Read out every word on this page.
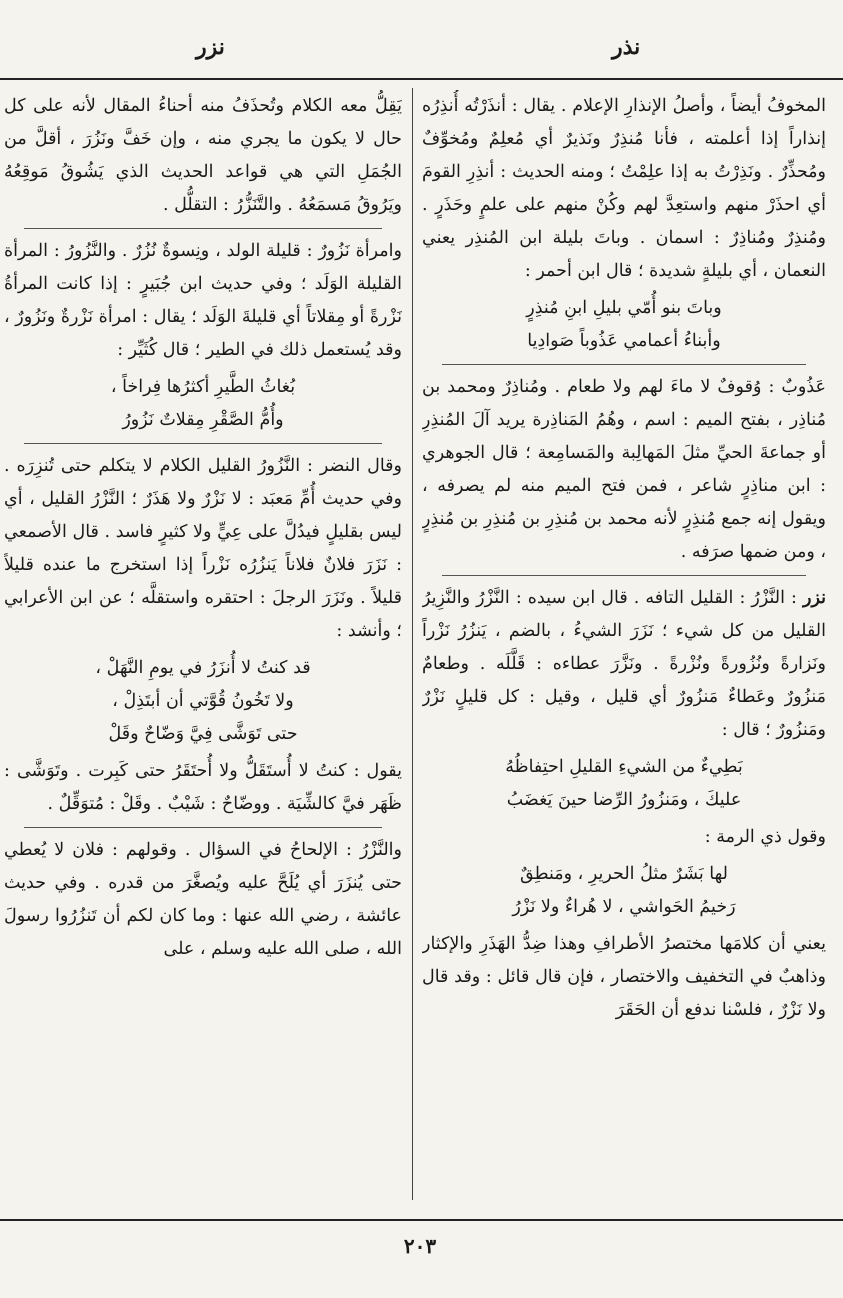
نزر	نذر

المخوفُ أيضاً ، وأصلُ الإنذارِ الإعلام . يقال : أنذَرْتُه أُنذِرُه إنذاراً إذا أعلمته ، فأنا مُنذِرٌ ونَذيرٌ أي مُعلِمٌ ومُخوِّفٌ ومُحذِّرٌ . ونَذِرْتُ به إذا علِمْتُ ؛ ومنه الحديث : أنذِرِ القومَ أي احذَرْ منهم واستعِدَّ لهم وكُنْ منهم على علمٍ وحَذَرٍ . ومُنذِرٌ ومُناذِرٌ : اسمان . وباتَ بليلة ابن المُنذِر يعني النعمان ، أي بليلةٍ شديدة ؛ قال ابن أحمر :

وباتَ بنو أُمّي بليلِ ابنِ مُنذِرٍ
وأبناءُ أعمامي عَذُوباً صَوادِيا

عَذُوبٌ : وُقوفٌ لا ماءَ لهم ولا طعام . ومُناذِرٌ ومحمد بن مُناذِر ، بفتح الميم : اسم ، وهُمُ المَناذِرة يريد آلَ المُنذِرِ أو جماعةَ الحيِّ مثلَ المَهالِبة والمَسامِعة ؛ قال الجوهري : ابن مناذِرٍ شاعر ، فمن فتح الميم منه لم يصرفه ، ويقول إنه جمع مُنذِرٍ لأنه محمد بن مُنذِرِ بن مُنذِرِ بن مُنذِرٍ ، ومن ضمها صرَفه .

نزر : النَّزْرُ : القليل التافه . قال ابن سيده : النَّزْرُ والنَّزِيرُ القليل من كل شيء ؛ نَزَرَ الشيءُ ، بالضم ، يَنزُرُ نَزْراً ونَزارةً ونُزُورةً ونُزْرةً . ونَزَّرَ عطاءه : قَلَّلَه . وطعامٌ مَنزُورٌ وعَطاءٌ مَنزُورٌ أي قليل ، وقيل : كل قليلٍ نَزْرٌ ومَنزُورٌ ؛ قال :

بَطِيءٌ من الشيءِ القليلِ احتِفاظُهُ
عليكَ ، ومَنزُورُ الرِّضا حينَ يَغضَبُ

وقول ذي الرمة :

لها بَشَرٌ مثلُ الحريرِ ، ومَنطِقٌ
رَخيمُ الحَواشي ، لا هُراءٌ ولا نَزْرُ

يعني أن كلامَها مختصرُ الأطرافِ وهذا ضِدُّ الهَذَرِ والإكثار وذاهبٌ في التخفيف والاختصار ، فإن قال قائل : وقد قال ولا نَزْرٌ ، فلسْنا ندفع أن الحَقَرَ

يَقِلُّ معه الكلام وتُحذَفُ منه أحناءُ المقال لأنه على كل حال لا يكون ما يجري منه ، وإن خَفَّ ونَزُرَ ، أقلَّ من الجُمَلِ التي هي قواعد الحديث الذي يَشُوقُ مَوقِعُهُ ويَرُوقُ مَسمَعُهُ . والتَّنَزُّرُ : التقلُّل .

وامرأة نَزُورٌ : قليلة الولد ، ونِسوةٌ نُزُرٌ . والنَّزُورُ : المرأة القليلة الوَلَد ؛ وفي حديث ابن جُبَيرٍ : إذا كانت المرأةُ نَزْرةً أو مِقلاتاً أي قليلةَ الوَلَد ؛ يقال : امرأة نَزْرةٌ ونَزُورٌ ، وقد يُستعمل ذلك في الطير ؛ قال كُثَيِّر :

بُغاثُ الطَّيرِ أكثرُها فِراخاً ،
وأُمُّ الصَّقْرِ مِقلاتٌ نَزُورُ

وقال النضر : النَّزُورُ القليل الكلام لا يتكلم حتى تُنزِرَه . وفي حديث أُمِّ مَعبَد : لا نَزْرٌ ولا هَذَرٌ ؛ النَّزْرُ القليل ، أي ليس بقليلٍ فيدُلَّ على عِيٍّ ولا كثيرٍ فاسد . قال الأصمعي : نَزَرَ فلانٌ فلاناً يَنزُرُه نَزْراً إذا استخرج ما عنده قليلاً قليلاً . ونَزَرَ الرجلَ : احتقره واستقلَّه ؛ عن ابن الأعرابي ؛ وأنشد :

قد كنتُ لا أُنزَرُ في يومِ النَّهَلْ ،
ولا تَخُونُ قُوَّتي أن أبتَذِلْ ،
حتى تَوَشَّى فِيَّ وَضّاحٌ وقَلْ

يقول : كنتُ لا أُستَقَلُّ ولا أُحتَقَرُ حتى كَبِرت . وتَوَشَّى : ظَهَر فيَّ كالشِّيَة . ووضّاحٌ : شَيْبٌ . وقَلْ : مُتوَقِّلٌ .

والنَّزْرُ : الإلحاحُ في السؤال . وقولهم : فلان لا يُعطي حتى يُنزَرَ أي يُلَحَّ عليه ويُصغَّرَ من قدره . وفي حديث عائشة ، رضي الله عنها : وما كان لكم أن تَنزُرُوا رسولَ الله ، صلى الله عليه وسلم ، على

٢٠٣
